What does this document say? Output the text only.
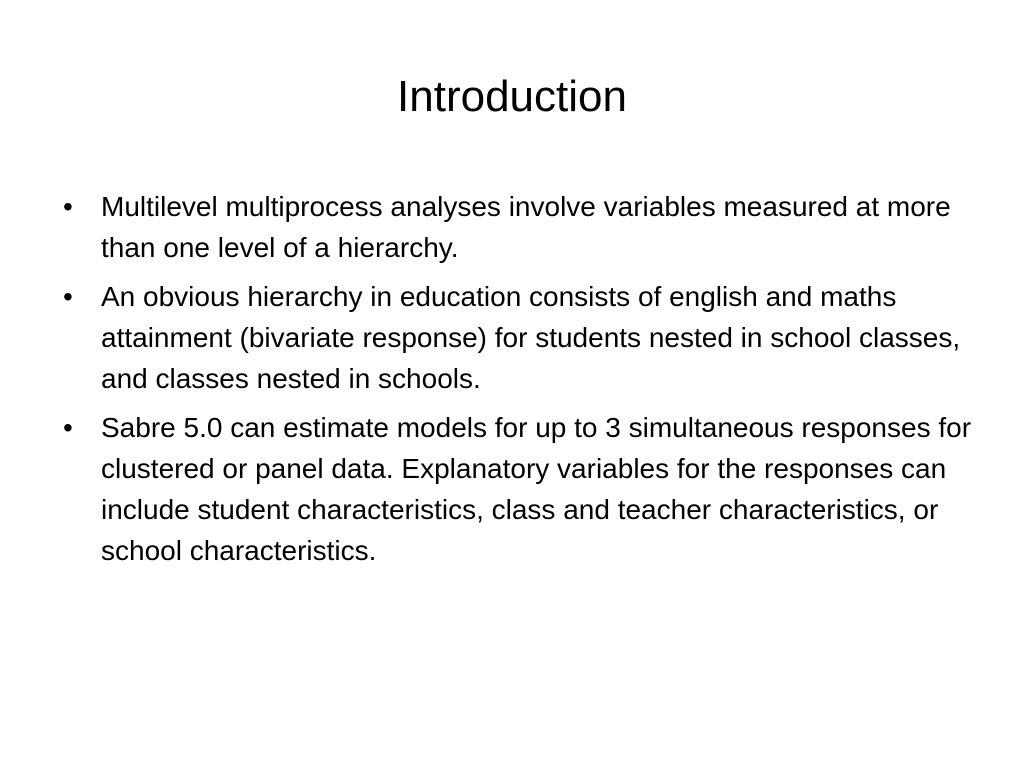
Introduction
•	Multilevel multiprocess analyses involve variables measured at more than one level of a hierarchy.
•	An obvious hierarchy in education consists of english and maths attainment (bivariate response) for students nested in school classes, and classes nested in schools.
•	Sabre 5.0 can estimate models for up to 3 simultaneous responses for clustered or panel data. Explanatory variables for the responses can include student characteristics, class and teacher characteristics, or school characteristics.
